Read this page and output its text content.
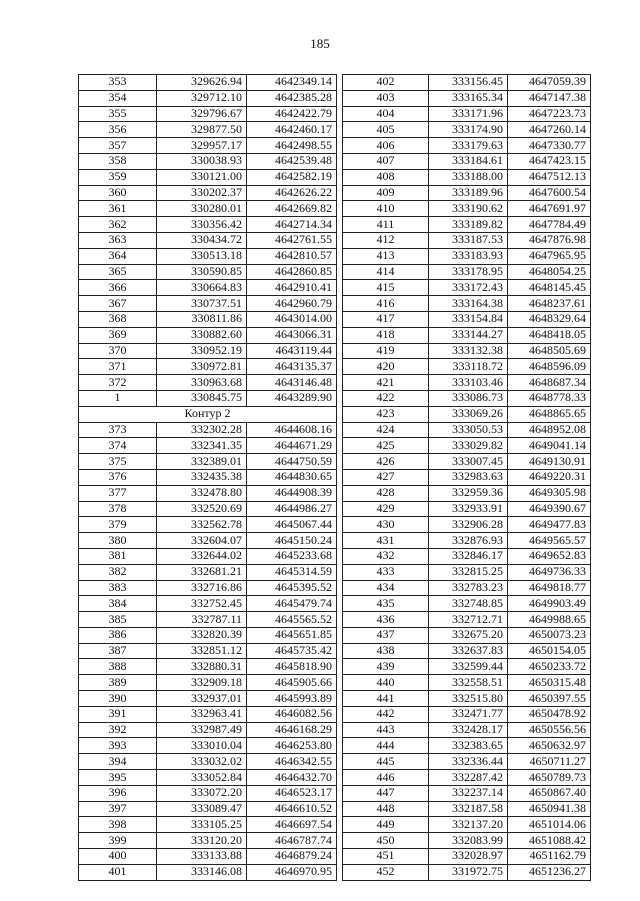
185
353	329626.94	4642349.14
354	329712.10	4642385.28
355	329796.67	4642422.79
356	329877.50	4642460.17
357	329957.17	4642498.55
358	330038.93	4642539.48
359	330121.00	4642582.19
360	330202.37	4642626.22
361	330280.01	4642669.82
362	330356.42	4642714.34
363	330434.72	4642761.55
364	330513.18	4642810.57
365	330590.85	4642860.85
366	330664.83	4642910.41
367	330737.51	4642960.79
368	330811.86	4643014.00
369	330882.60	4643066.31
370	330952.19	4643119.44
371	330972.81	4643135.37
372	330963.68	4643146.48
1	330845.75	4643289.90
Контур 2		
373	332302.28	4644608.16
374	332341.35	4644671.29
375	332389.01	4644750.59
376	332435.38	4644830.65
377	332478.80	4644908.39
378	332520.69	4644986.27
379	332562.78	4645067.44
380	332604.07	4645150.24
381	332644.02	4645233.68
382	332681.21	4645314.59
383	332716.86	4645395.52
384	332752.45	4645479.74
385	332787.11	4645565.52
386	332820.39	4645651.85
387	332851.12	4645735.42
388	332880.31	4645818.90
389	332909.18	4645905.66
390	332937.01	4645993.89
391	332963.41	4646082.56
392	332987.49	4646168.29
393	333010.04	4646253.80
394	333032.02	4646342.55
395	333052.84	4646432.70
396	333072.20	4646523.17
397	333089.47	4646610.52
398	333105.25	4646697.54
399	333120.20	4646787.74
400	333133.88	4646879.24
401	333146.08	4646970.95
402	333156.45	4647059.39
403	333165.34	4647147.38
404	333171.96	4647223.73
405	333174.90	4647260.14
406	333179.63	4647330.77
407	333184.61	4647423.15
408	333188.00	4647512.13
409	333189.96	4647600.54
410	333190.62	4647691.97
411	333189.82	4647784.49
412	333187.53	4647876.98
413	333183.93	4647965.95
414	333178.95	4648054.25
415	333172.43	4648145.45
416	333164.38	4648237.61
417	333154.84	4648329.64
418	333144.27	4648418.05
419	333132.38	4648505.69
420	333118.72	4648596.09
421	333103.46	4648687.34
422	333086.73	4648778.33
423	333069.26	4648865.65
424	333050.53	4648952.08
425	333029.82	4649041.14
426	333007.45	4649130.91
427	332983.63	4649220.31
428	332959.36	4649305.98
429	332933.91	4649390.67
430	332906.28	4649477.83
431	332876.93	4649565.57
432	332846.17	4649652.83
433	332815.25	4649736.33
434	332783.23	4649818.77
435	332748.85	4649903.49
436	332712.71	4649988.65
437	332675.20	4650073.23
438	332637.83	4650154.05
439	332599.44	4650233.72
440	332558.51	4650315.48
441	332515.80	4650397.55
442	332471.77	4650478.92
443	332428.17	4650556.56
444	332383.65	4650632.97
445	332336.44	4650711.27
446	332287.42	4650789.73
447	332237.14	4650867.40
448	332187.58	4650941.38
449	332137.20	4651014.06
450	332083.99	4651088.42
451	332028.97	4651162.79
452	331972.75	4651236.27
